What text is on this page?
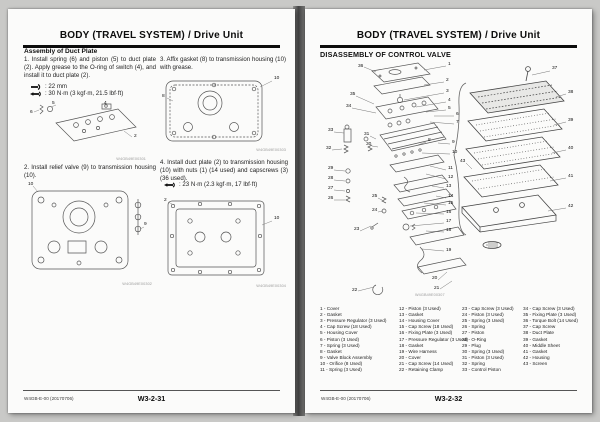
BODY (TRAVEL SYSTEM) / Drive Unit
Assembly of Duct Plate
1. Install spring (6) and piston (5) to duct plate (2). Apply grease to the O-ring of switch (4), and install it to duct plate (2).
: 22 mm
: 30 N·m (3 kgf·m, 21.5 lbf·ft)
W4GB49E00301
6
5	4
2
2. Install relief valve (9) to transmission housing (10).
W4GB49E00302
10
9
3. Affix gasket (8) to transmission housing (10) with grease.
W4GB49E00303
10
8
4. Install duct plate (2) to transmission housing (10) with nuts (1) (14 used) and capscrews (3) (36 used).
: 23 N·m (2.3 kgf·m, 17 lbf·ft)
W4GB49E00304
10
2
W4GB-E-00 (20170706)	W3-2-31
BODY (TRAVEL SYSTEM) / Drive Unit
DISASSEMBLY OF CONTROL VALVE
W4GB49E00307
36	1
2
3
35
34
4
5
6
7
33
31
30
32
8	9
10
11
12
29
28
27
26	25
24
23
13
14
15
16
17
18
19
20
21
22
37
38
39
40
41
42
43
1 - Cover
2 - Gasket
3 - Pressure Regulator (3 Used)
4 - Cap Screw (18 Used)
5 - Housing Cover
6 - Piston (3 Used)
7 - Spring (3 Used)
8 - Gasket
9 - Valve Block Assembly
10 - Orifice (8 Used)
11 - Spring (3 Used)
12 - Piston (3 Used)
13 - Gasket
14 - Housing Cover
15 - Cap Screw (18 Used)
16 - Fixing Plate (3 Used)
17 - Pressure Regulator (3 Used)
18 - Gasket
19 - Wire Harness
20 - Cover
21 - Cap Screw (14 Used)
22 - Retaining Clamp
23 - Cap Screw (3 Used)
24 - Piston (3 Used)
25 - Spring (3 Used)
26 - Spring
27 - Piston
28 - O-Ring
29 - Plug
30 - Spring (3 Used)
31 - Piston (3 Used)
32 - Spring
33 - Control Piston
34 - Cap Screw (3 Used)
35 - Fixing Plate (3 Used)
36 - Torque Bolt (14 Used)
37 - Cap Screw
38 - Duct Plate
39 - Gasket
40 - Middle Sheet
41 - Gasket
42 - Housing
43 - Screen
W4GB-E-00 (20170706)	W3-2-32
